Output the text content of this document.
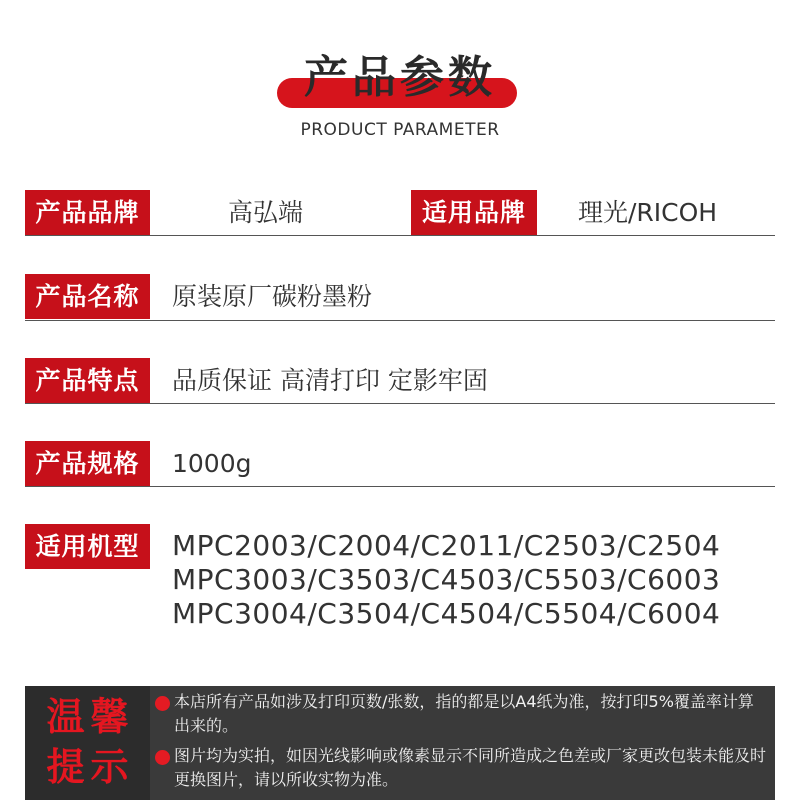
产品参数
PRODUCT PARAMETER
产品品牌	高弘端	适用品牌	理光/RICOH
产品名称	原装原厂碳粉墨粉
产品特点	品质保证 高清打印 定影牢固
产品规格	1000g
适用机型	MPC2003/C2004/C2011/C2503/C2504
MPC3003/C3503/C4503/C5503/C6003
MPC3004/C3504/C4504/C5504/C6004
温馨
提示
本店所有产品如涉及打印页数/张数，指的都是以A4纸为准，按打印5%覆盖率计算出来的。
图片均为实拍，如因光线影响或像素显示不同所造成之色差或厂家更改包装未能及时更换图片，请以所收实物为准。
